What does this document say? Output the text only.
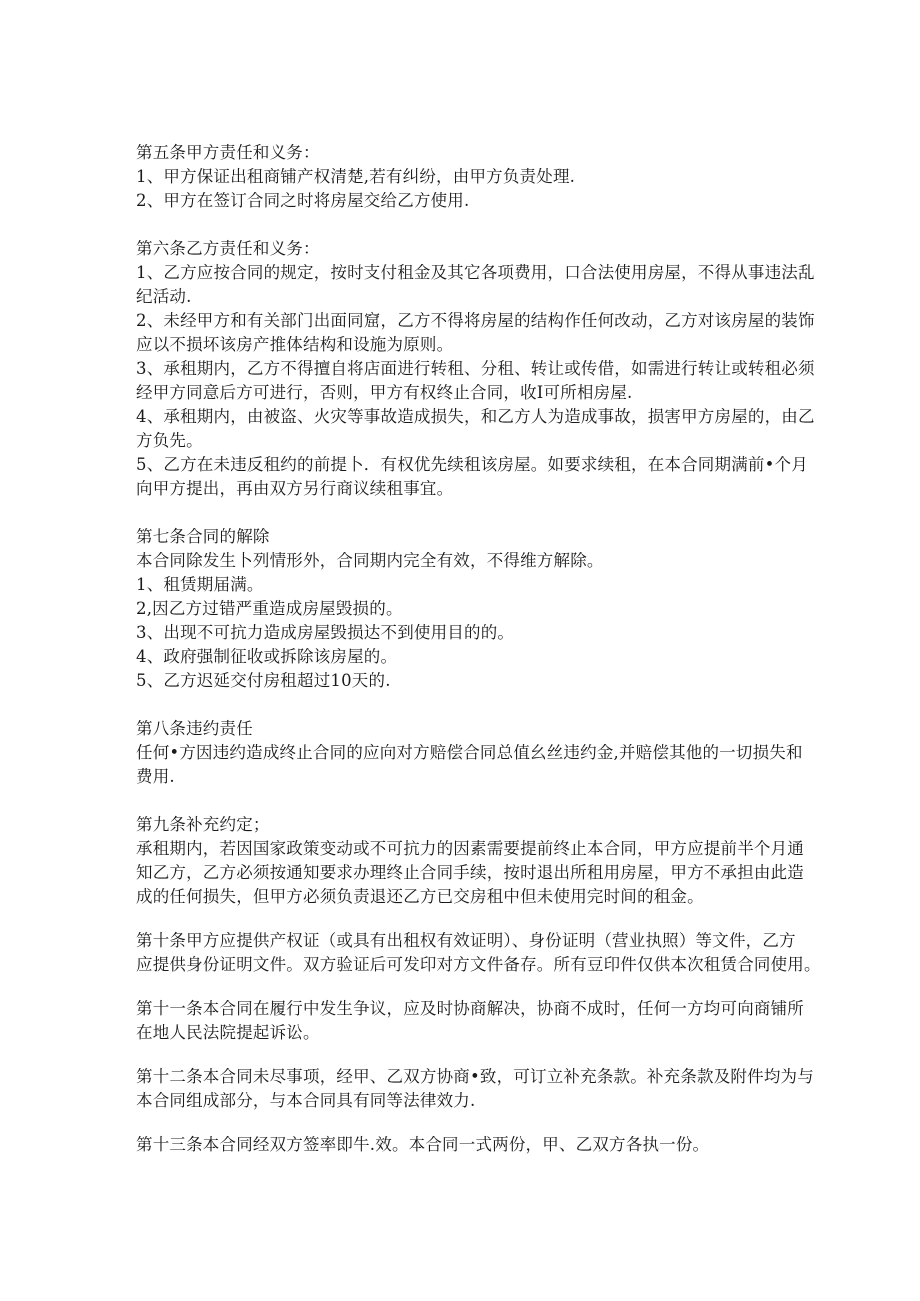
第五条甲方责任和义务：
1、甲方保证出租商铺产权清楚,若有纠纷，由甲方负责处理.
2、甲方在签订合同之时将房屋交给乙方使用.
第六条乙方责任和义务：
1、乙方应按合同的规定，按时支付租金及其它各项费用，口合法使用房屋，不得从事违法乱
纪活动.
2、未经甲方和有关部门出面同窟，乙方不得将房屋的结构作任何改动，乙方对该房屋的装饰
应以不损坏该房产推体结构和设施为原则。
3、承租期内，乙方不得擅自将店面进行转租、分租、转让或传借，如需进行转让或转租必须
经甲方同意后方可进行，否则，甲方有权终止合同，收I可所相房屋.
4、承租期内，由被盗、火灾等事故造成损失，和乙方人为造成事故，损害甲方房屋的，由乙
方负先。
5、乙方在未违反租约的前提卜．有权优先续租该房屋。如要求续租，在本合同期满前•个月
向甲方提出，再由双方另行商议续租事宜。
第七条合同的解除
本合同除发生卜列情形外，合同期内完全有效，不得维方解除。
1、租赁期届满。
2,因乙方过错严重造成房屋毁损的。
3、出现不可抗力造成房屋毁损达不到使用目的的。
4、政府强制征收或拆除该房屋的。
5、乙方迟延交付房租超过10天的.
第八条违约责任
任何•方因违约造成终止合同的应向对方赔偿合同总值幺丝违约金,并赔偿其他的一切损失和
费用.
第九条补充约定；
承租期内，若因国家政策变动或不可抗力的因素需要提前终止本合同，甲方应提前半个月通
知乙方，乙方必须按通知要求办理终止合同手续，按时退出所租用房屋，甲方不承担由此造
成的任何损失，但甲方必须负责退还乙方已交房租中但未使用完时间的租金。
第十条甲方应提供产权证（或具有出租权有效证明）、身份证明（营业执照）等文件，乙方
应提供身份证明文件。双方验证后可发印对方文件备存。所有豆印件仅供本次租赁合同使用。
第十一条本合同在履行中发生争议，应及时协商解决，协商不成时，任何一方均可向商铺所
在地人民法院提起诉讼。
第十二条本合同未尽事项，经甲、乙双方协商•致，可订立补充条款。补充条款及附件均为与
本合同组成部分，与本合同具有同等法律效力.
第十三条本合同经双方签率即牛.效。本合同一式两份，甲、乙双方各执一份。
